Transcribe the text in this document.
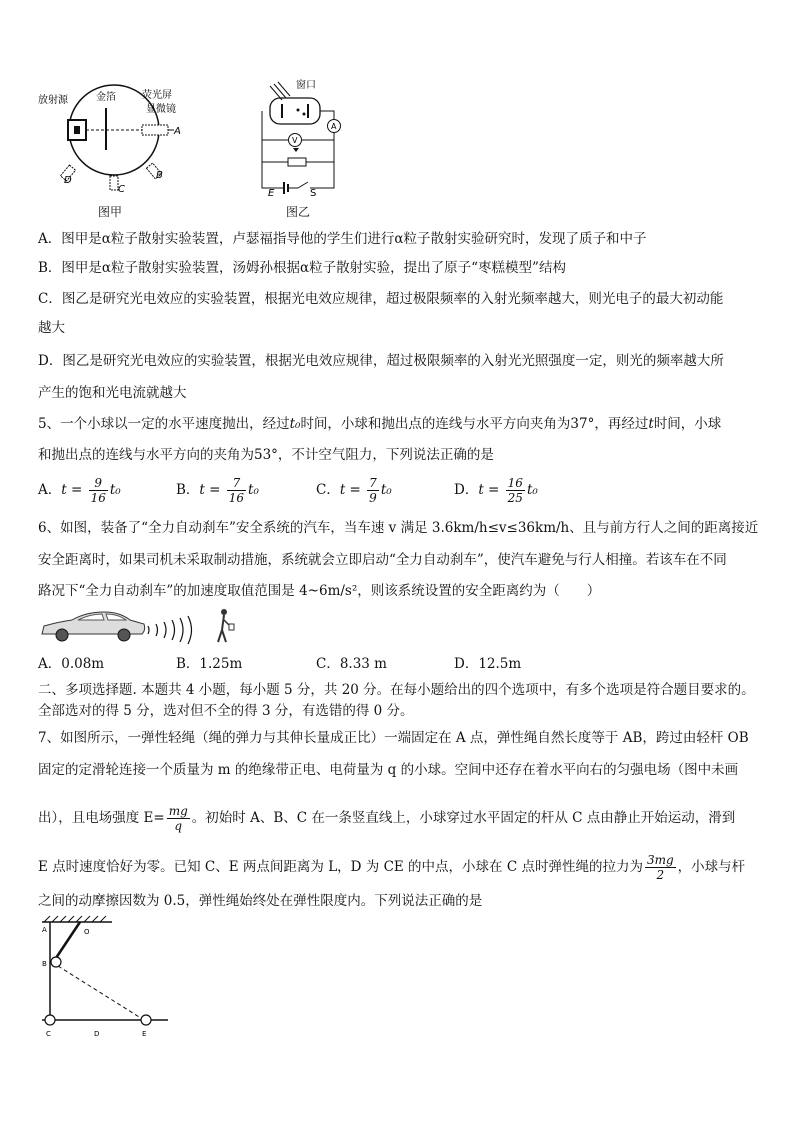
放射源	金箔	荧光屏
显微镜
A
B
C
D
图甲
窗口
V
A
E	S
图乙
A．图甲是α粒子散射实验装置，卢瑟福指导他的学生们进行α粒子散射实验研究时，发现了质子和中子
B．图甲是α粒子散射实验装置，汤姆孙根据α粒子散射实验，提出了原子“枣糕模型”结构
C．图乙是研究光电效应的实验装置，根据光电效应规律，超过极限频率的入射光频率越大，则光电子的最大初动能
越大
D．图乙是研究光电效应的实验装置，根据光电效应规律，超过极限频率的入射光光照强度一定，则光的频率越大所
产生的饱和光电流就越大
5、一个小球以一定的水平速度抛出，经过t₀时间，小球和抛出点的连线与水平方向夹角为37°，再经过t时间，小球
和抛出点的连线与水平方向的夹角为53°，不计空气阻力，下列说法正确的是
A．$t = \frac{9}{16} t_0$	B．$t = \frac{7}{16} t_0$	C．$t = \frac{7}{9} t_0$	D．$t = \frac{16}{25} t_0$
6、如图，装备了“全力自动刹车”安全系统的汽车，当车速 v 满足 3.6km/h≤v≤36km/h、且与前方行人之间的距离接近
安全距离时，如果司机未采取制动措施，系统就会立即启动“全力自动刹车”，使汽车避免与行人相撞。若该车在不同
路况下“全力自动刹车”的加速度取值范围是 4~6m/s²，则该系统设置的安全距离约为（　　）
A．0.08m	B．1.25m	C．8.33 m	D．12.5m
二、多项选择题. 本题共 4 小题，每小题 5 分，共 20 分。在每小题给出的四个选项中，有多个选项是符合题目要求的。
全部选对的得 5 分，选对但不全的得 3 分，有选错的得 0 分。
7、如图所示，一弹性轻绳（绳的弹力与其伸长量成正比）一端固定在 A 点，弹性绳自然长度等于 AB，跨过由轻杆 OB
固定的定滑轮连接一个质量为 m 的绝缘带正电、电荷量为 q 的小球。空间中还存在着水平向右的匀强电场（图中未画
出），且电场强度 $E= \frac{mg}{q}$ 。初始时 A、B、C 在一条竖直线上，小球穿过水平固定的杆从 C 点由静止开始运动，滑到
E 点时速度恰好为零。已知 C、E 两点间距离为 L，D 为 CE 的中点，小球在 C 点时弹性绳的拉力为 $\frac{3mg}{2}$ ，小球与杆
之间的动摩擦因数为 0.5，弹性绳始终处在弹性限度内。下列说法正确的是
A	O
B
C	D	E
